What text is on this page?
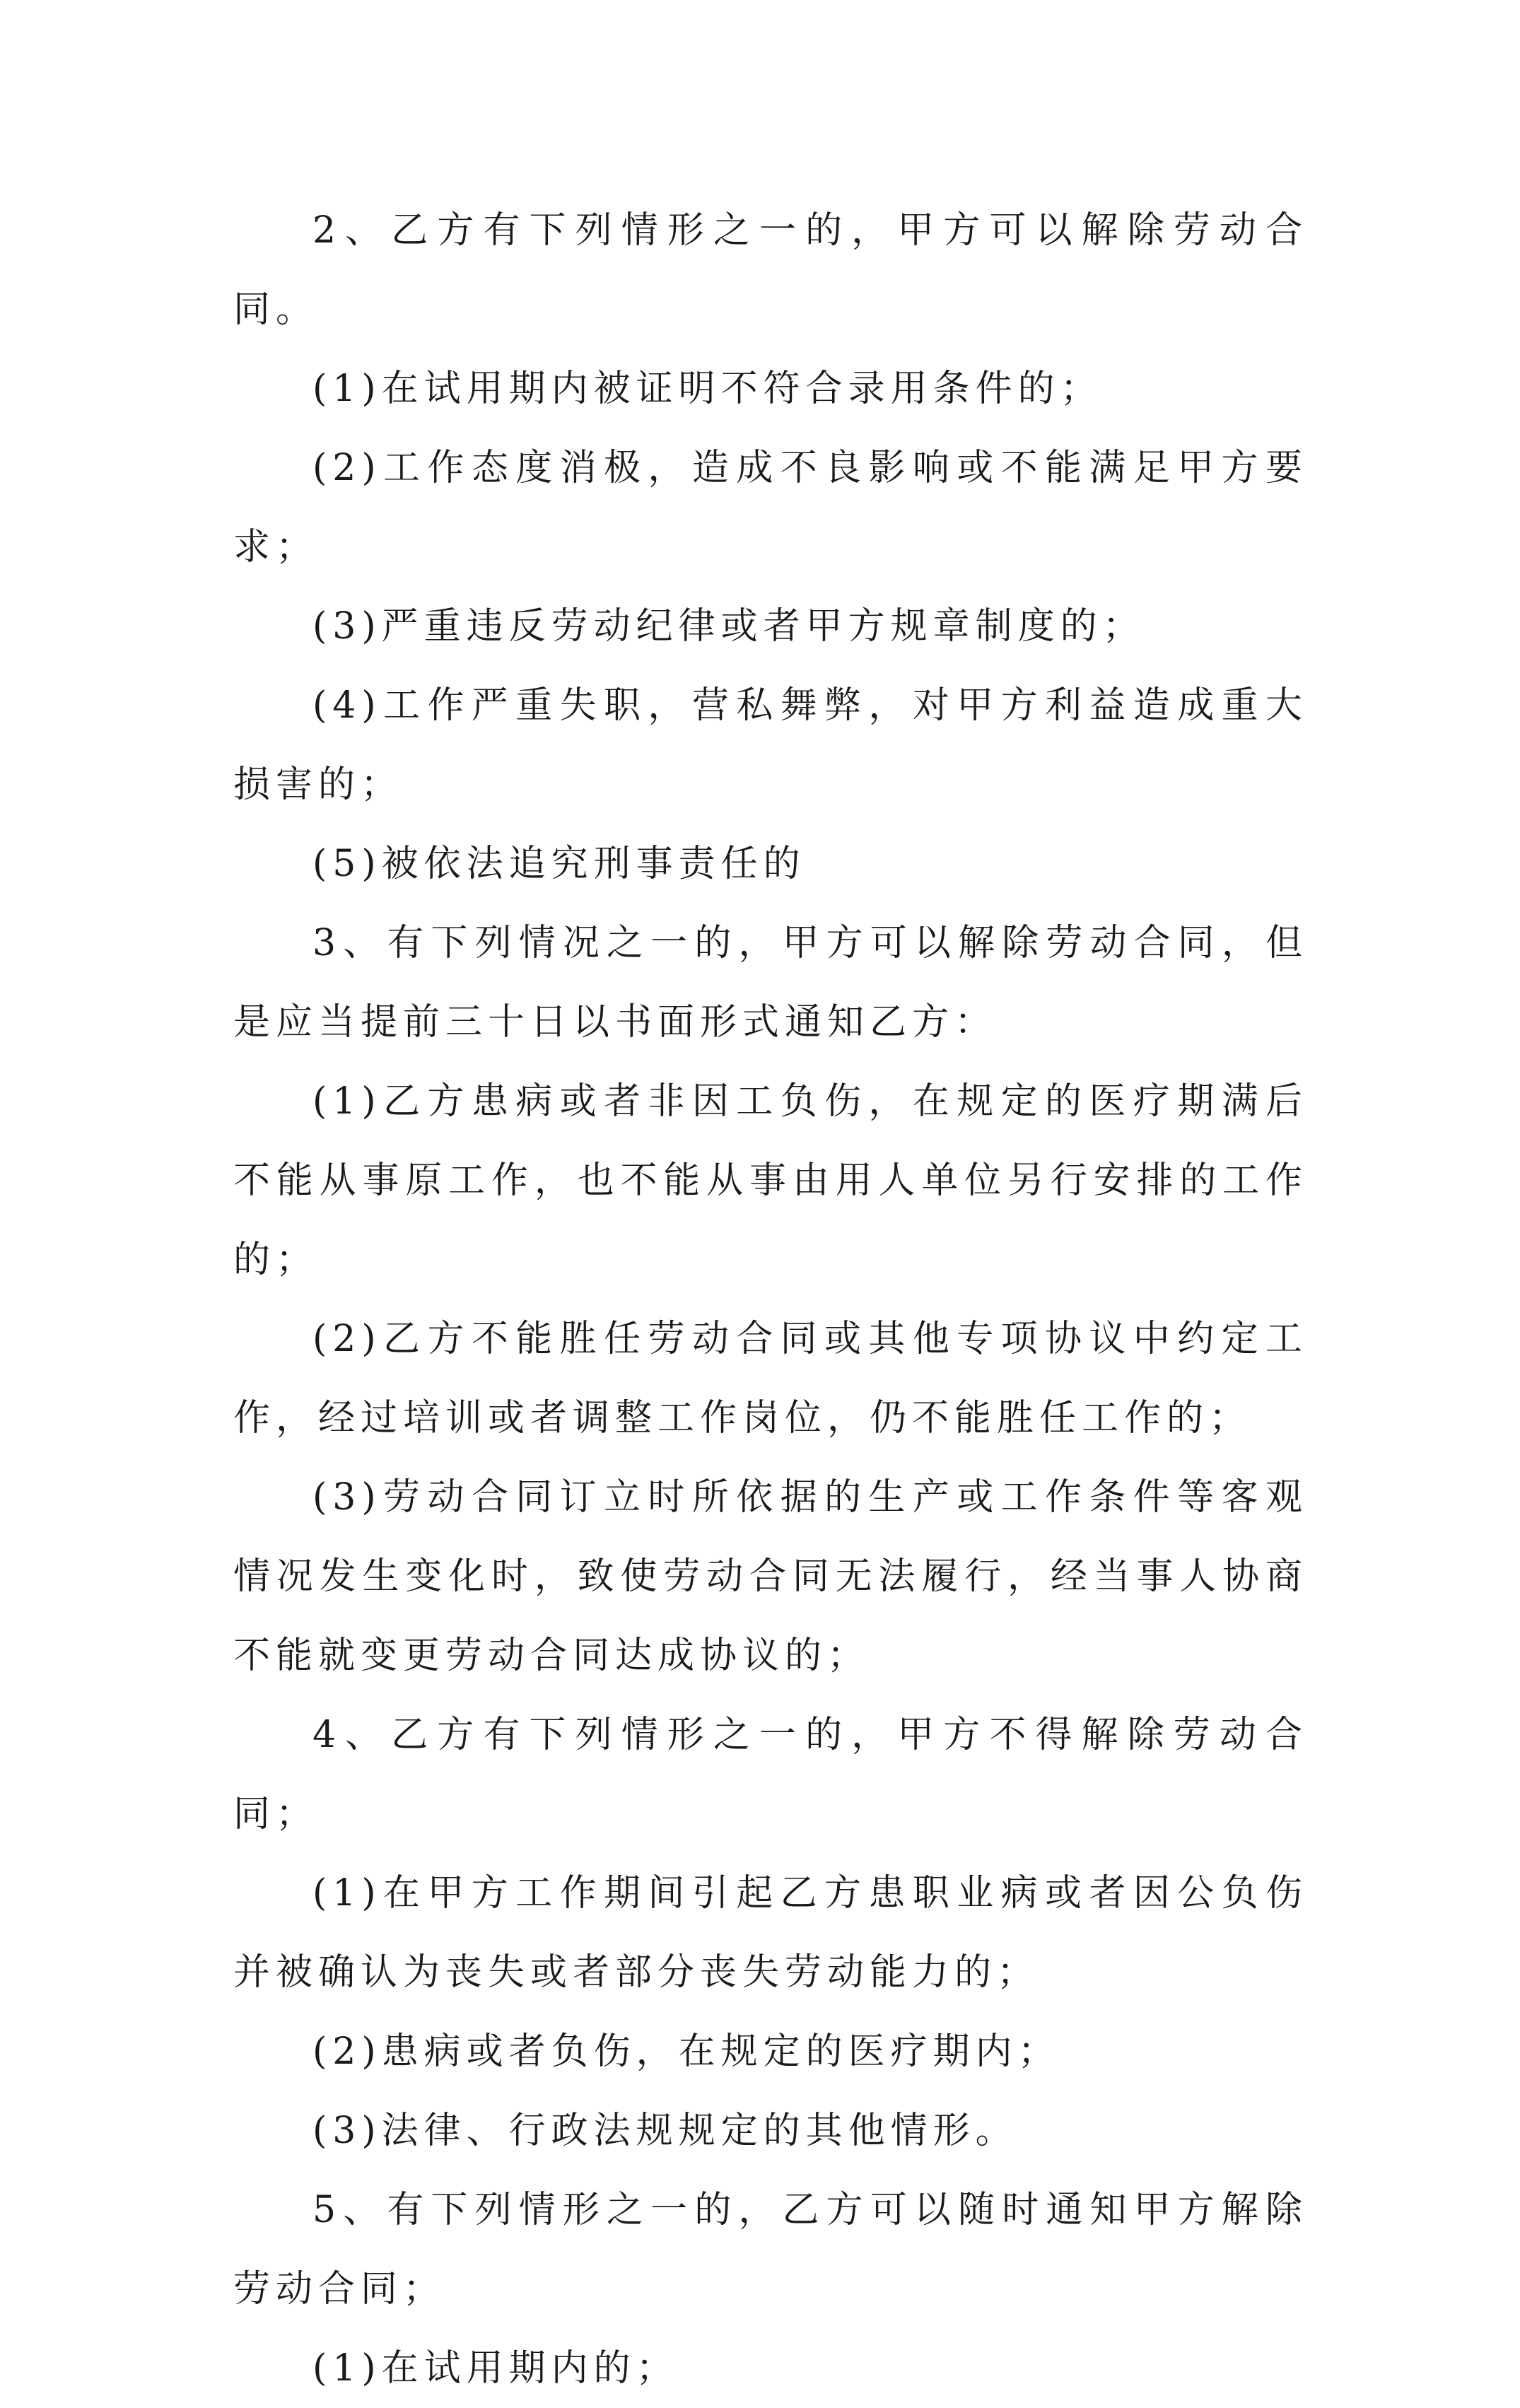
2、乙方有下列情形之一的，甲方可以解除劳动合同。

(1)在试用期内被证明不符合录用条件的；

(2)工作态度消极，造成不良影响或不能满足甲方要求；

(3)严重违反劳动纪律或者甲方规章制度的；

(4)工作严重失职，营私舞弊，对甲方利益造成重大损害的；

(5)被依法追究刑事责任的

3、有下列情况之一的，甲方可以解除劳动合同，但是应当提前三十日以书面形式通知乙方：

(1)乙方患病或者非因工负伤，在规定的医疗期满后不能从事原工作，也不能从事由用人单位另行安排的工作的；

(2)乙方不能胜任劳动合同或其他专项协议中约定工作，经过培训或者调整工作岗位，仍不能胜任工作的；

(3)劳动合同订立时所依据的生产或工作条件等客观情况发生变化时，致使劳动合同无法履行，经当事人协商不能就变更劳动合同达成协议的；

4、乙方有下列情形之一的，甲方不得解除劳动合同；

(1)在甲方工作期间引起乙方患职业病或者因公负伤并被确认为丧失或者部分丧失劳动能力的；

(2)患病或者负伤，在规定的医疗期内；

(3)法律、行政法规规定的其他情形。

5、有下列情形之一的，乙方可以随时通知甲方解除劳动合同；

(1)在试用期内的；
